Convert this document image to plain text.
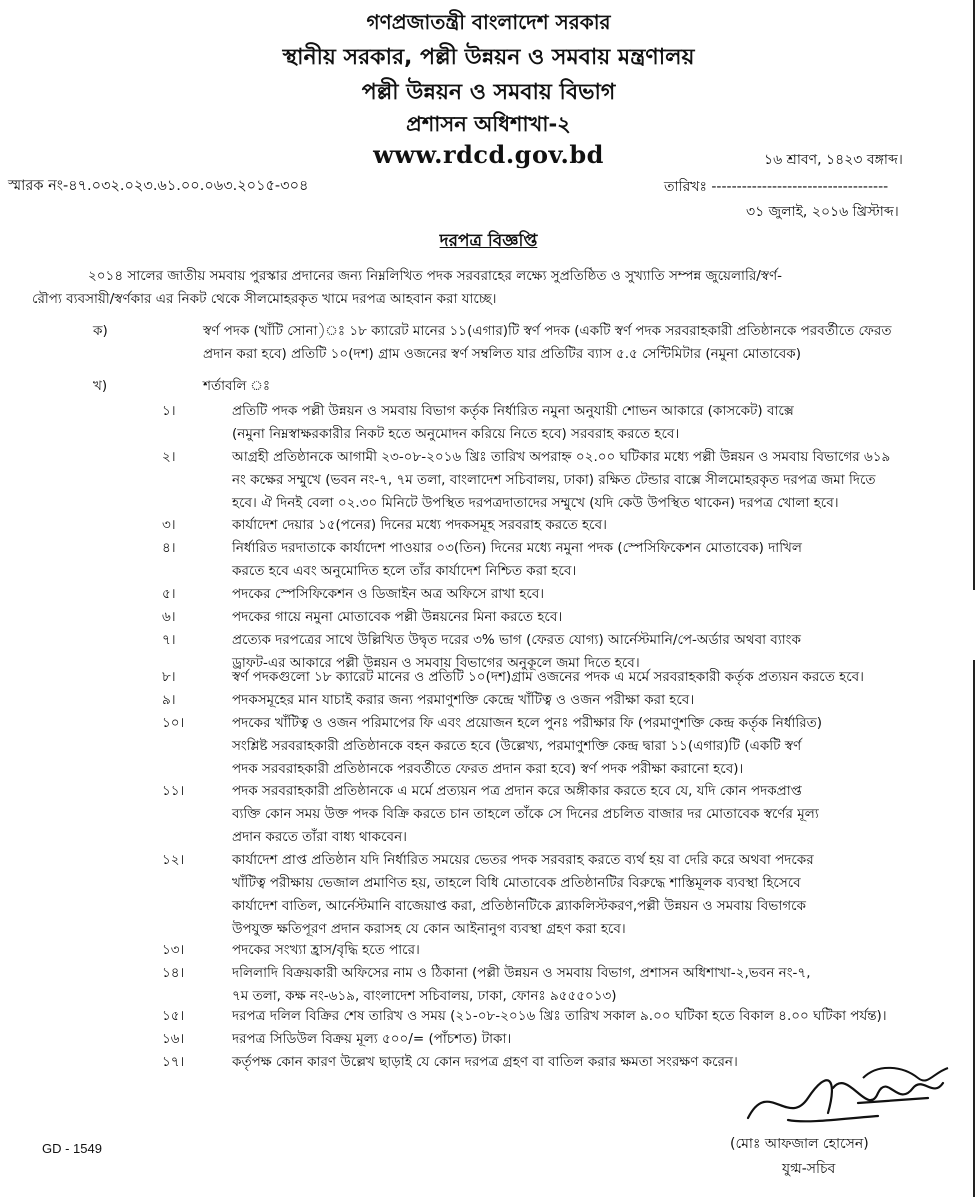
গণপ্রজাতন্ত্রী বাংলাদেশ সরকার
স্থানীয় সরকার, পল্লী উন্নয়ন ও সমবায় মন্ত্রণালয়
পল্লী উন্নয়ন ও সমবায় বিভাগ
প্রশাসন অধিশাখা-২
www.rdcd.gov.bd	১৬ শ্রাবণ, ১৪২৩ বঙ্গাব্দ।
স্মারক নং-৪৭.০৩২.০২৩.৬১.০০.০৬৩.২০১৫-৩০৪	তারিখঃ -----------------------------------
৩১ জুলাই, ২০১৬ খ্রিস্টাব্দ।
দরপত্র বিজ্ঞপ্তি
২০১৪ সালের জাতীয় সমবায় পুরস্কার প্রদানের জন্য নিম্নলিখিত পদক সরবরাহের লক্ষ্যে সুপ্রতিষ্ঠিত ও সুখ্যাতি সম্পন্ন জুয়েলারি/স্বর্ণ-
রৌপ্য ব্যবসায়ী/স্বর্ণকার এর নিকট থেকে সীলমোহরকৃত খামে দরপত্র আহবান করা যাচ্ছে।
ক)	স্বর্ণ পদক (খাঁটি সোনা)ঃ ১৮ ক্যারেট মানের ১১(এগার)টি স্বর্ণ পদক (একটি স্বর্ণ পদক সরবরাহকারী প্রতিষ্ঠানকে পরবর্তীতে ফেরত
প্রদান করা হবে) প্রতিটি ১০(দশ) গ্রাম ওজনের স্বর্ণ সম্বলিত যার প্রতিটির ব্যাস ৫.৫ সেন্টিমিটার (নমুনা মোতাবেক)
খ)	শর্তাবলি ঃ
১।	প্রতিটি পদক পল্লী উন্নয়ন ও সমবায় বিভাগ কর্তৃক নির্ধারিত নমুনা অনুযায়ী শোভন আকারে (কাসকেট) বাক্সে
(নমুনা নিম্নস্বাক্ষরকারীর নিকট হতে অনুমোদন করিয়ে নিতে হবে) সরবরাহ করতে হবে।
২।	আগ্রহী প্রতিষ্ঠানকে আগামী ২৩-০৮-২০১৬ খ্রিঃ তারিখ অপরাহ্ন ০২.০০ ঘটিকার মধ্যে পল্লী উন্নয়ন ও সমবায় বিভাগের ৬১৯
নং কক্ষের সম্মুখে (ভবন নং-৭, ৭ম তলা, বাংলাদেশ সচিবালয়, ঢাকা) রক্ষিত টেন্ডার বাক্সে সীলমোহরকৃত দরপত্র জমা দিতে
হবে। ঐ দিনই বেলা ০২.৩০ মিনিটে উপস্থিত দরপত্রদাতাদের সম্মুখে (যদি কেউ উপস্থিত থাকেন) দরপত্র খোলা হবে।
৩।	কার্যাদেশ দেয়ার ১৫(পনের) দিনের মধ্যে পদকসমূহ সরবরাহ করতে হবে।
৪।	নির্ধারিত দরদাতাকে কার্যাদেশ পাওয়ার ০৩(তিন) দিনের মধ্যে নমুনা পদক (স্পেসিফিকেশন মোতাবেক) দাখিল
করতে হবে এবং অনুমোদিত হলে তাঁর কার্যাদেশ নিশ্চিত করা হবে।
৫।	পদকের স্পেসিফিকেশন ও ডিজাইন অত্র অফিসে রাখা হবে।
৬।	পদকের গায়ে নমুনা মোতাবেক পল্লী উন্নয়নের মিনা করতে হবে।
৭।	প্রত্যেক দরপত্রের সাথে উল্লিখিত উদ্বৃত দরের ৩% ভাগ (ফেরত যোগ্য) আর্নেস্টমানি/পে-অর্ডার অথবা ব্যাংক
ড্রাফট-এর আকারে পল্লী উন্নয়ন ও সমবায় বিভাগের অনুকূলে জমা দিতে হবে।
৮।	স্বর্ণ পদকগুলো ১৮ ক্যারেট মানের ও প্রতিটি ১০(দশ)গ্রাম ওজনের পদক এ মর্মে সরবরাহকারী কর্তৃক প্রত্যয়ন করতে হবে।
৯।	পদকসমূহের মান যাচাই করার জন্য পরমাণুশক্তি কেন্দ্রে খাঁটিত্ব ও ওজন পরীক্ষা করা হবে।
১০।	পদকের খাঁটিত্ব ও ওজন পরিমাপের ফি এবং প্রয়োজন হলে পুনঃ পরীক্ষার ফি (পরমাণুশক্তি কেন্দ্র কর্তৃক নির্ধারিত)
সংশ্লিষ্ট সরবরাহকারী প্রতিষ্ঠানকে বহন করতে হবে (উল্লেখ্য, পরমাণুশক্তি কেন্দ্র দ্বারা ১১(এগার)টি (একটি স্বর্ণ
পদক সরবরাহকারী প্রতিষ্ঠানকে পরবর্তীতে ফেরত প্রদান করা হবে) স্বর্ণ পদক পরীক্ষা করানো হবে)।
১১।	পদক সরবরাহকারী প্রতিষ্ঠানকে এ মর্মে প্রত্যয়ন পত্র প্রদান করে অঙ্গীকার করতে হবে যে, যদি কোন পদকপ্রাপ্ত
ব্যক্তি কোন সময় উক্ত পদক বিক্রি করতে চান তাহলে তাঁকে সে দিনের প্রচলিত বাজার দর মোতাবেক স্বর্ণের মূল্য
প্রদান করতে তাঁরা বাধ্য থাকবেন।
১২।	কার্যাদেশ প্রাপ্ত প্রতিষ্ঠান যদি নির্ধারিত সময়ের ভেতর পদক সরবরাহ করতে ব্যর্থ হয় বা দেরি করে অথবা পদকের
খাঁটিত্ব পরীক্ষায় ভেজাল প্রমাণিত হয়, তাহলে বিধি মোতাবেক প্রতিষ্ঠানটির বিরুদ্ধে শাস্তিমূলক ব্যবস্থা হিসেবে
কার্যাদেশ বাতিল, আর্নেস্টমানি বাজেয়াপ্ত করা, প্রতিষ্ঠানটিকে ব্ল্যাকলিস্টকরণ,পল্লী উন্নয়ন ও সমবায় বিভাগকে
উপযুক্ত ক্ষতিপূরণ প্রদান করাসহ যে কোন আইনানুগ ব্যবস্থা গ্রহণ করা হবে।
১৩।	পদকের সংখ্যা হ্রাস/বৃদ্ধি হতে পারে।
১৪।	দলিলাদি বিক্রয়কারী অফিসের নাম ও ঠিকানা (পল্লী উন্নয়ন ও সমবায় বিভাগ, প্রশাসন অধিশাখা-২,ভবন নং-৭,
৭ম তলা, কক্ষ নং-৬১৯, বাংলাদেশ সচিবালয়, ঢাকা, ফোনঃ ৯৫৫৫০১৩)
১৫।	দরপত্র দলিল বিক্রির শেষ তারিখ ও সময় (২১-০৮-২০১৬ খ্রিঃ তারিখ সকাল ৯.০০ ঘটিকা হতে বিকাল ৪.০০ ঘটিকা পর্যন্ত)।
১৬।	দরপত্র সিডিউল বিক্রয় মূল্য ৫০০/= (পাঁচশত) টাকা।
১৭।	কর্তৃপক্ষ কোন কারণ উল্লেখ ছাড়াই যে কোন দরপত্র গ্রহণ বা বাতিল করার ক্ষমতা সংরক্ষণ করেন।
(মোঃ আফজাল হোসেন)
যুগ্ম-সচিব
GD - 1549
